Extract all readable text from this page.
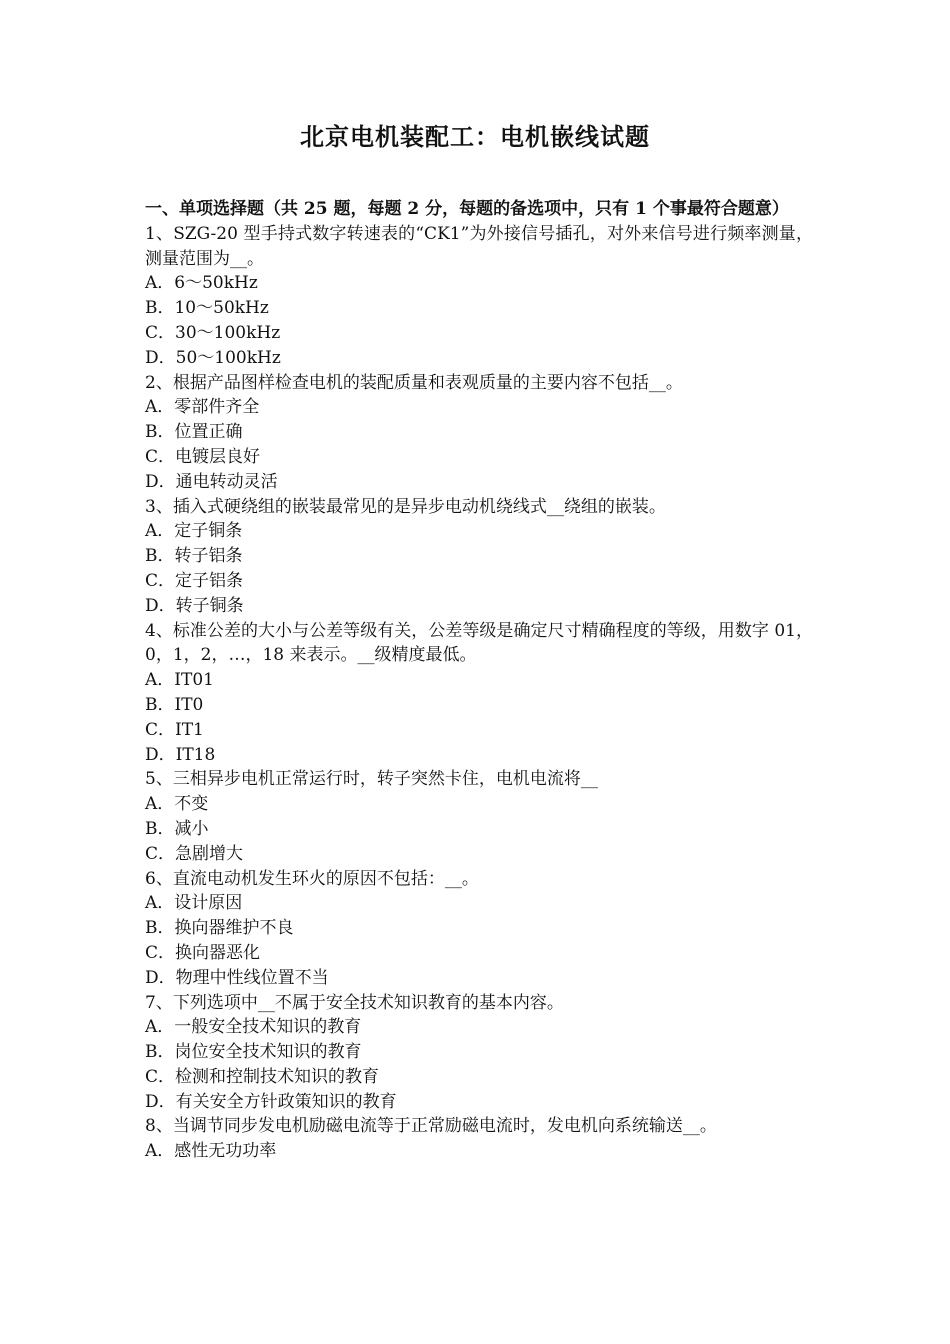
北京电机装配工：电机嵌线试题

一、单项选择题（共 25 题，每题 2 分，每题的备选项中，只有 1 个事最符合题意）

1、SZG-20 型手持式数字转速表的“CK1”为外接信号插孔，对外来信号进行频率测量，测量范围为__。

A．6～50kHz

B．10～50kHz

C．30～100kHz

D．50～100kHz

2、根据产品图样检查电机的装配质量和表观质量的主要内容不包括__。

A．零部件齐全

B．位置正确

C．电镀层良好

D．通电转动灵活

3、插入式硬绕组的嵌装最常见的是异步电动机绕线式__绕组的嵌装。

A．定子铜条

B．转子铝条

C．定子铝条

D．转子铜条

4、标准公差的大小与公差等级有关，公差等级是确定尺寸精确程度的等级，用数字 01，0，1，2，…，18 来表示。__级精度最低。

A．IT01

B．IT0

C．IT1

D．IT18

5、三相异步电机正常运行时，转子突然卡住，电机电流将__

A．不变

B．减小

C．急剧增大

6、直流电动机发生环火的原因不包括：__。

A．设计原因

B．换向器维护不良

C．换向器恶化

D．物理中性线位置不当

7、下列选项中__不属于安全技术知识教育的基本内容。

A．一般安全技术知识的教育

B．岗位安全技术知识的教育

C．检测和控制技术知识的教育

D．有关安全方针政策知识的教育

8、当调节同步发电机励磁电流等于正常励磁电流时，发电机向系统输送__。

A．感性无功功率
